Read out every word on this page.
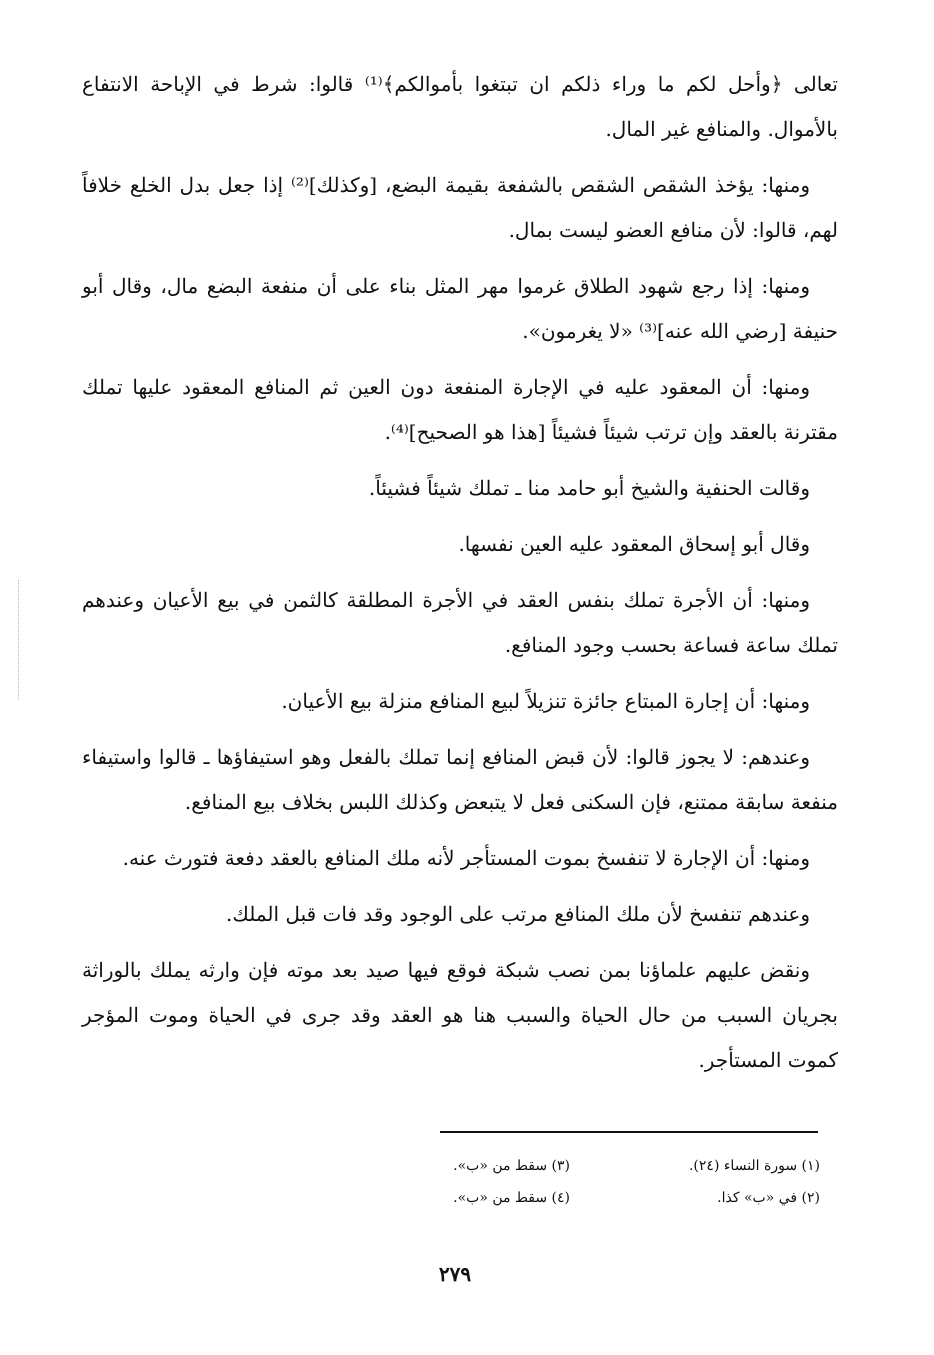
تعالى ﴿وأحل لكم ما وراء ذلكم ان تبتغوا بأموالكم﴾⁽¹⁾ قالوا: شرط في الإباحة الانتفاع بالأموال. والمنافع غير المال.

ومنها: يؤخذ الشقص الشقص بالشفعة بقيمة البضع، [وكذلك]⁽²⁾ إذا جعل بدل الخلع خلافاً لهم، قالوا: لأن منافع العضو ليست بمال.

ومنها: إذا رجع شهود الطلاق غرموا مهر المثل بناء على أن منفعة البضع مال، وقال أبو حنيفة [رضي الله عنه]⁽³⁾ «لا يغرمون».

ومنها: أن المعقود عليه في الإجارة المنفعة دون العين ثم المنافع المعقود عليها تملك مقترنة بالعقد وإن ترتب شيئاً فشيئاً [هذا هو الصحيح]⁽⁴⁾.

وقالت الحنفية والشيخ أبو حامد منا ـ تملك شيئاً فشيئاً.

وقال أبو إسحاق المعقود عليه العين نفسها.

ومنها: أن الأجرة تملك بنفس العقد في الأجرة المطلقة كالثمن في بيع الأعيان وعندهم تملك ساعة فساعة بحسب وجود المنافع.

ومنها: أن إجارة المبتاع جائزة تنزيلاً لبيع المنافع منزلة بيع الأعيان.

وعندهم: لا يجوز قالوا: لأن قبض المنافع إنما تملك بالفعل وهو استيفاؤها ـ قالوا واستيفاء منفعة سابقة ممتنع، فإن السكنى فعل لا يتبعض وكذلك اللبس بخلاف بيع المنافع.

ومنها: أن الإجارة لا تنفسخ بموت المستأجر لأنه ملك المنافع بالعقد دفعة فتورث عنه.

وعندهم تنفسخ لأن ملك المنافع مرتب على الوجود وقد فات قبل الملك.

ونقض عليهم علماؤنا بمن نصب شبكة فوقع فيها صيد بعد موته فإن وارثه يملك بالوراثة بجريان السبب من حال الحياة والسبب هنا هو العقد وقد جرى في الحياة وموت المؤجر كموت المستأجر.

(١) سورة النساء (٢٤).
(٣) سقط من «ب».
(٢) في «ب» كذا.
(٤) سقط من «ب».
٢٧٩
